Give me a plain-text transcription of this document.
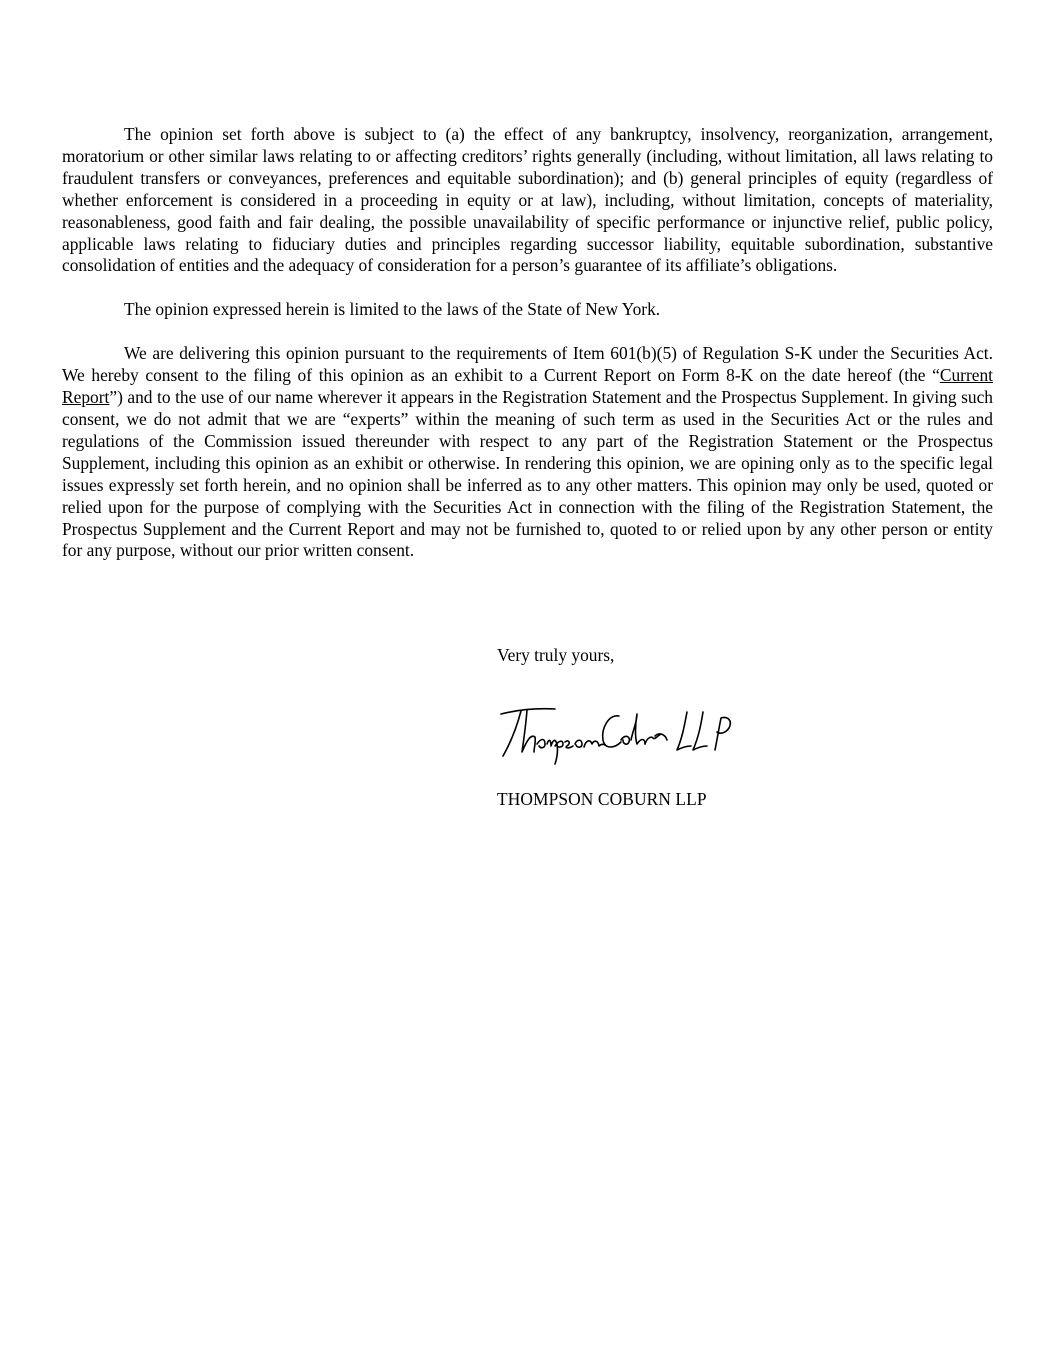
The opinion set forth above is subject to (a) the effect of any bankruptcy, insolvency, reorganization, arrangement, moratorium or other similar laws relating to or affecting creditors’ rights generally (including, without limitation, all laws relating to fraudulent transfers or conveyances, preferences and equitable subordination); and (b) general principles of equity (regardless of whether enforcement is considered in a proceeding in equity or at law), including, without limitation, concepts of materiality, reasonableness, good faith and fair dealing, the possible unavailability of specific performance or injunctive relief, public policy, applicable laws relating to fiduciary duties and principles regarding successor liability, equitable subordination, substantive consolidation of entities and the adequacy of consideration for a person’s guarantee of its affiliate’s obligations.

The opinion expressed herein is limited to the laws of the State of New York.

We are delivering this opinion pursuant to the requirements of Item 601(b)(5) of Regulation S-K under the Securities Act. We hereby consent to the filing of this opinion as an exhibit to a Current Report on Form 8-K on the date hereof (the “Current Report”) and to the use of our name wherever it appears in the Registration Statement and the Prospectus Supplement. In giving such consent, we do not admit that we are “experts” within the meaning of such term as used in the Securities Act or the rules and regulations of the Commission issued thereunder with respect to any part of the Registration Statement or the Prospectus Supplement, including this opinion as an exhibit or otherwise. In rendering this opinion, we are opining only as to the specific legal issues expressly set forth herein, and no opinion shall be inferred as to any other matters. This opinion may only be used, quoted or relied upon for the purpose of complying with the Securities Act in connection with the filing of the Registration Statement, the Prospectus Supplement and the Current Report and may not be furnished to, quoted to or relied upon by any other person or entity for any purpose, without our prior written consent.

Very truly yours,
THOMPSON COBURN LLP
